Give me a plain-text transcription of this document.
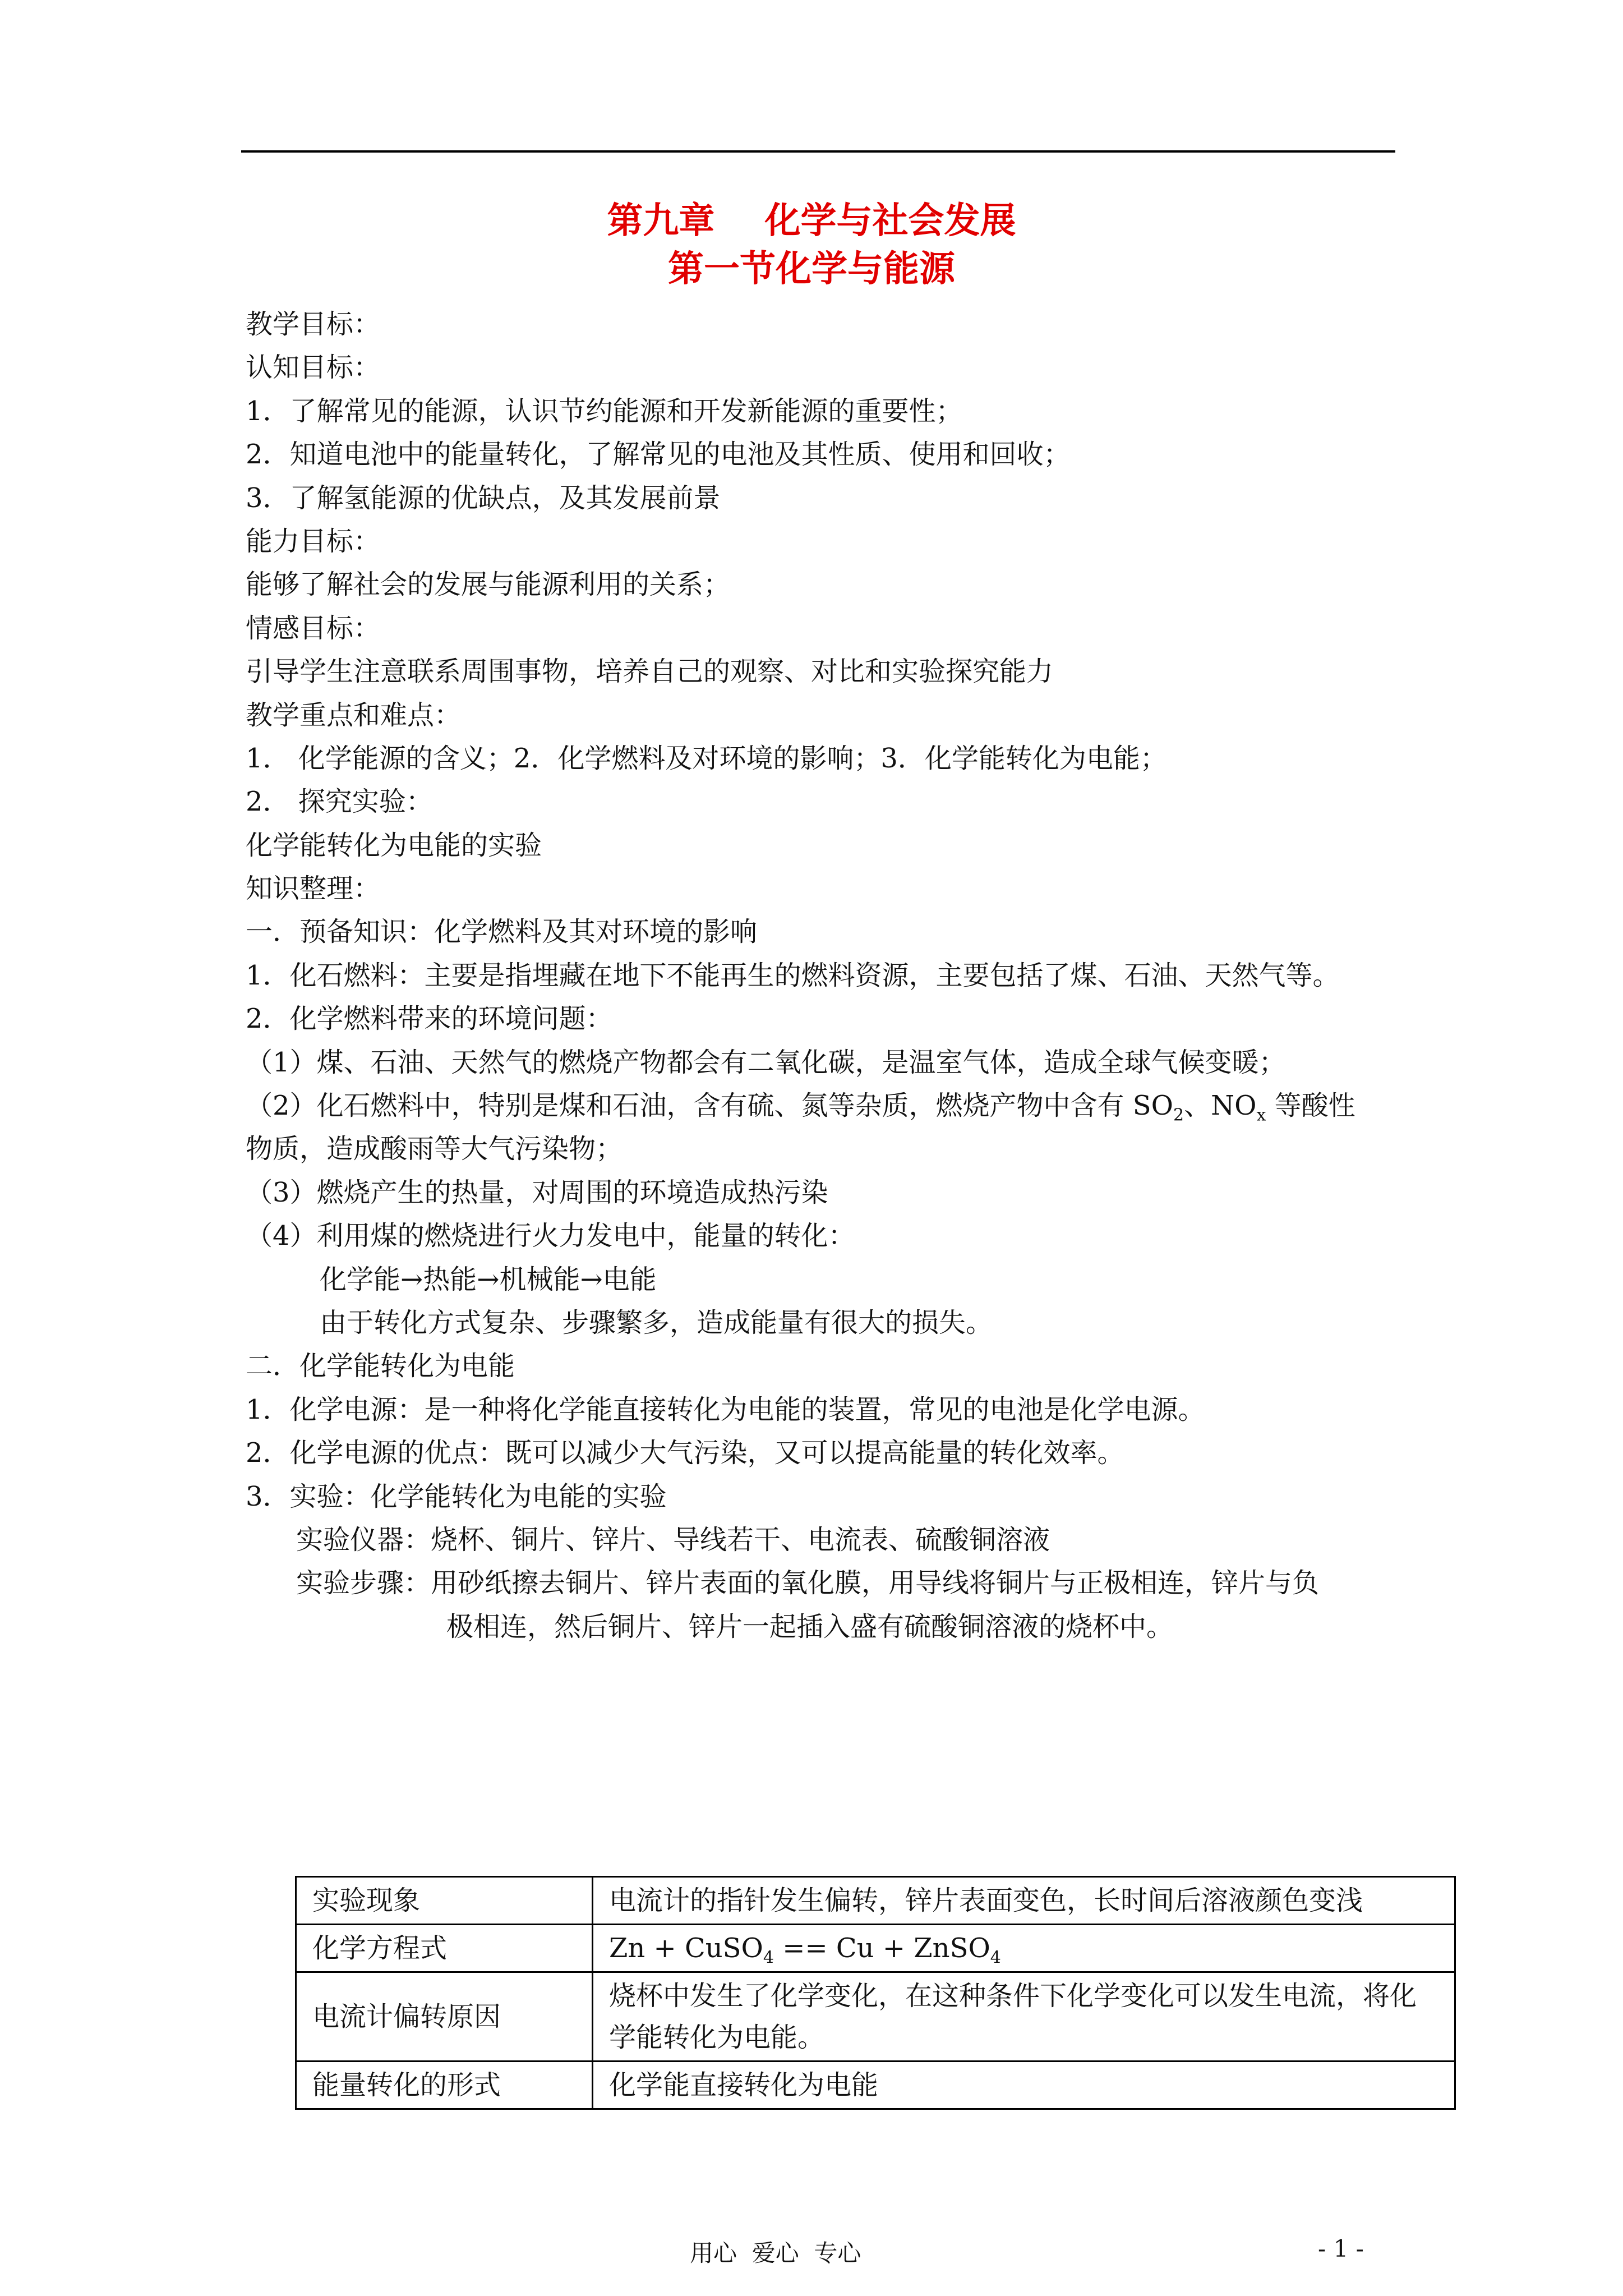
第九章    化学与社会发展
第一节化学与能源
教学目标：
认知目标：
1．了解常见的能源，认识节约能源和开发新能源的重要性；
2．知道电池中的能量转化，了解常见的电池及其性质、使用和回收；
3．了解氢能源的优缺点，及其发展前景
能力目标：
能够了解社会的发展与能源利用的关系；
情感目标：
引导学生注意联系周围事物，培养自己的观察、对比和实验探究能力
教学重点和难点：
1． 化学能源的含义；2．化学燃料及对环境的影响；3．化学能转化为电能；
2． 探究实验：
化学能转化为电能的实验
知识整理：
一．预备知识：化学燃料及其对环境的影响
1．化石燃料：主要是指埋藏在地下不能再生的燃料资源，主要包括了煤、石油、天然气等。
2．化学燃料带来的环境问题：
（1）煤、石油、天然气的燃烧产物都会有二氧化碳，是温室气体，造成全球气候变暖；
（2）化石燃料中，特别是煤和石油，含有硫、氮等杂质，燃烧产物中含有 $SO_2$、$NO_x$ 等酸性
物质，造成酸雨等大气污染物；
（3）燃烧产生的热量，对周围的环境造成热污染
（4）利用煤的燃烧进行火力发电中，能量的转化：
化学能→热能→机械能→电能
由于转化方式复杂、步骤繁多，造成能量有很大的损失。
二．化学能转化为电能
1．化学电源：是一种将化学能直接转化为电能的装置，常见的电池是化学电源。
2．化学电源的优点：既可以减少大气污染，又可以提高能量的转化效率。
3．实验：化学能转化为电能的实验
实验仪器：烧杯、铜片、锌片、导线若干、电流表、硫酸铜溶液
实验步骤：用砂纸擦去铜片、锌片表面的氧化膜，用导线将铜片与正极相连，锌片与负
极相连，然后铜片、锌片一起插入盛有硫酸铜溶液的烧杯中。
实验现象	电流计的指针发生偏转，锌片表面变色，长时间后溶液颜色变浅
化学方程式	Zn + CuSO$_4$ == Cu + ZnSO$_4$
电流计偏转原因	烧杯中发生了化学变化，在这种条件下化学变化可以发生电流，将化学能转化为电能。
能量转化的形式	化学能直接转化为电能
用心  爱心  专心	- 1 -
